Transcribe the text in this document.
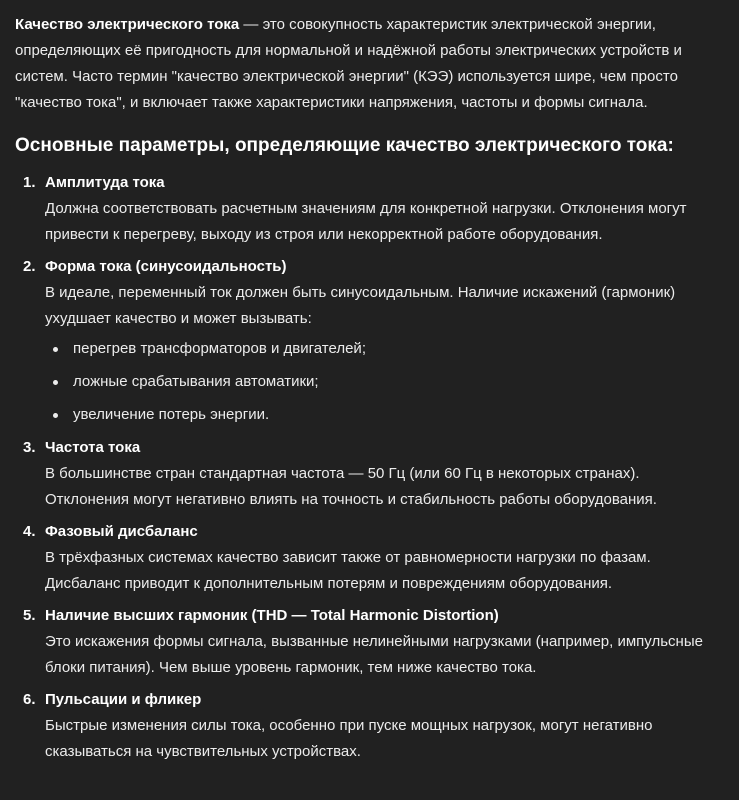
Качество электрического тока — это совокупность характеристик электрической энергии, определяющих её пригодность для нормальной и надёжной работы электрических устройств и систем. Часто термин "качество электрической энергии" (КЭЭ) используется шире, чем просто "качество тока", и включает также характеристики напряжения, частоты и формы сигнала.

Основные параметры, определяющие качество электрического тока:
1. Амплитуда тока
Должна соответствовать расчетным значениям для конкретной нагрузки. Отклонения могут привести к перегреву, выходу из строя или некорректной работе оборудования.
2. Форма тока (синусоидальность)
В идеале, переменный ток должен быть синусоидальным. Наличие искажений (гармоник) ухудшает качество и может вызывать:
перегрев трансформаторов и двигателей;
ложные срабатывания автоматики;
увеличение потерь энергии.
3. Частота тока
В большинстве стран стандартная частота — 50 Гц (или 60 Гц в некоторых странах). Отклонения могут негативно влиять на точность и стабильность работы оборудования.
4. Фазовый дисбаланс
В трёхфазных системах качество зависит также от равномерности нагрузки по фазам. Дисбаланс приводит к дополнительным потерям и повреждениям оборудования.
5. Наличие высших гармоник (THD — Total Harmonic Distortion)
Это искажения формы сигнала, вызванные нелинейными нагрузками (например, импульсные блоки питания). Чем выше уровень гармоник, тем ниже качество тока.
6. Пульсации и фликер
Быстрые изменения силы тока, особенно при пуске мощных нагрузок, могут негативно сказываться на чувствительных устройствах.
